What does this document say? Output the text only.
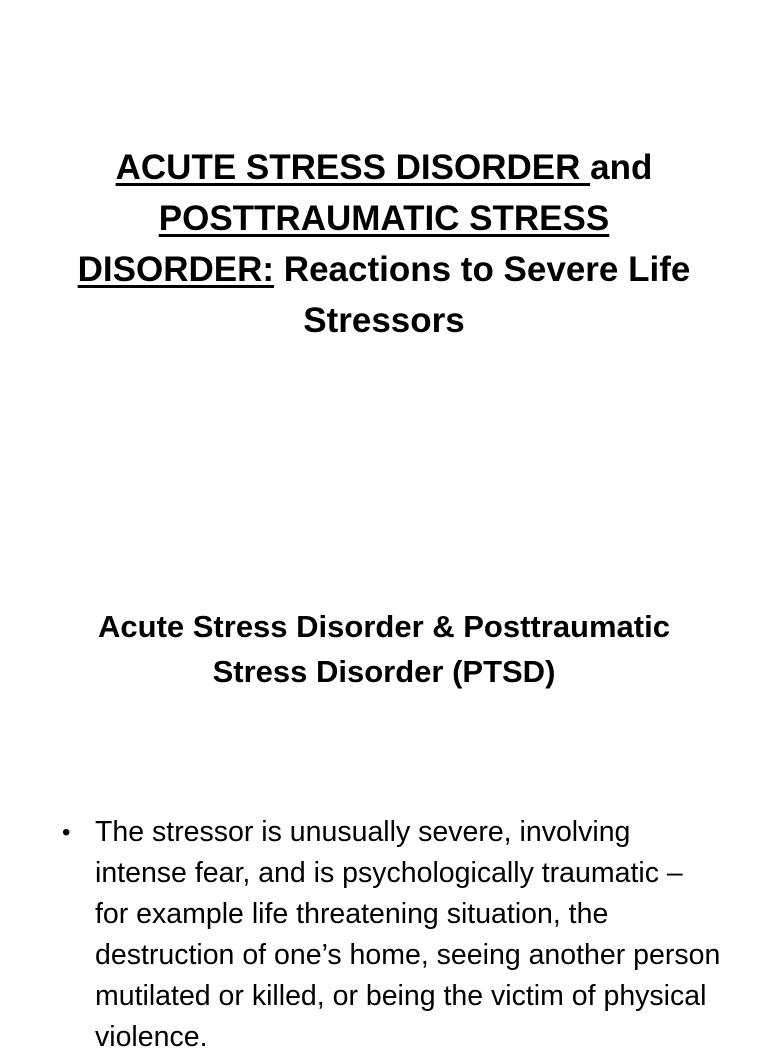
ACUTE STRESS DISORDER and
POSTTRAUMATIC STRESS
DISORDER: Reactions to Severe Life
Stressors
Acute Stress Disorder & Posttraumatic
Stress Disorder (PTSD)
• The stressor is unusually severe, involving intense fear, and is psychologically traumatic – for example life threatening situation, the destruction of one’s home, seeing another person mutilated or killed, or being the victim of physical violence.
